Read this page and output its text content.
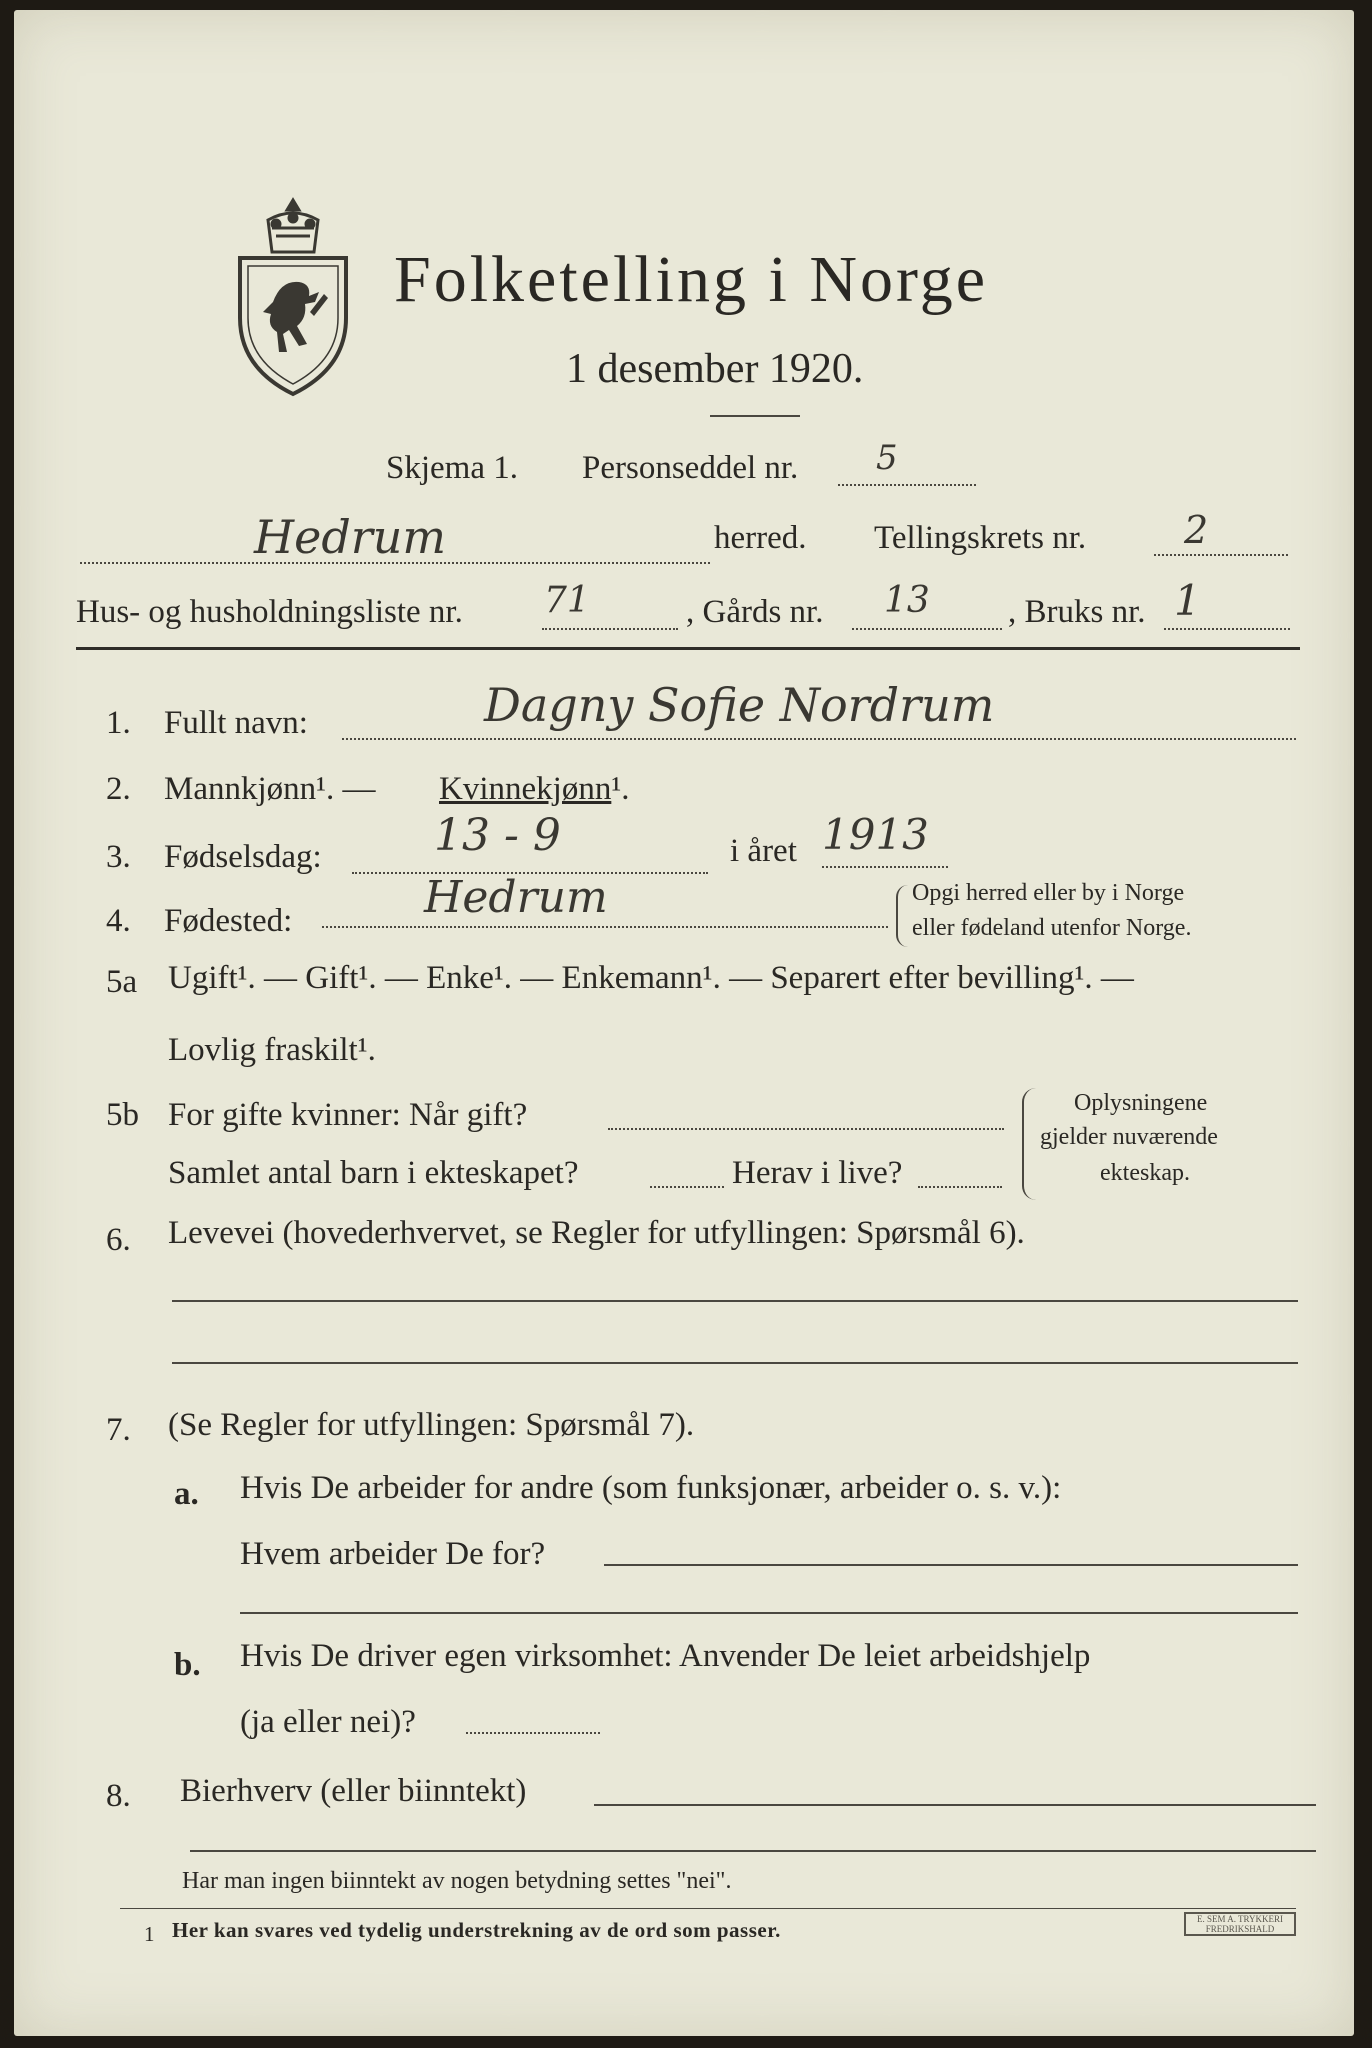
Folketelling i Norge
1 desember 1920.
Skjema 1. Personseddel nr. 5
Hedrum	herred. Tellingskrets nr.	2
Hus- og husholdningsliste nr. 71	, Gårds nr. 13 , Bruks nr. 1
1. Fullt navn:	Dagny Sofie Nordrum
2. Mannkjønn¹. — Kvinnekjønn¹.
3. Fødselsdag:	13 - 9	i året 1913
4. Fødested:	Hedrum	Opgi herred eller by i Norge
eller fødeland utenfor Norge.
5a Ugift¹. — Gift¹. — Enke¹. — Enkemann¹. — Separert efter bevilling¹. —
Lovlig fraskilt¹.
5b For gifte kvinner: Når gift?
Samlet antal barn i ekteskapet?	Herav i live?
Oplysningene
gjelder nuværende
ekteskap.
6. Levevei (hovederhvervet, se Regler for utfyllingen: Spørsmål 6).
7. (Se Regler for utfyllingen: Spørsmål 7).
a. Hvis De arbeider for andre (som funksjonær, arbeider o. s. v.):
Hvem arbeider De for?
b. Hvis De driver egen virksomhet: Anvender De leiet arbeidshjelp
(ja eller nei)?
8. Bierhverv (eller biinntekt)
Har man ingen biinntekt av nogen betydning settes "nei".
1 Her kan svares ved tydelig understrekning av de ord som passer.	E. SEM A. TRYKKERI FREDRIKSHALD
